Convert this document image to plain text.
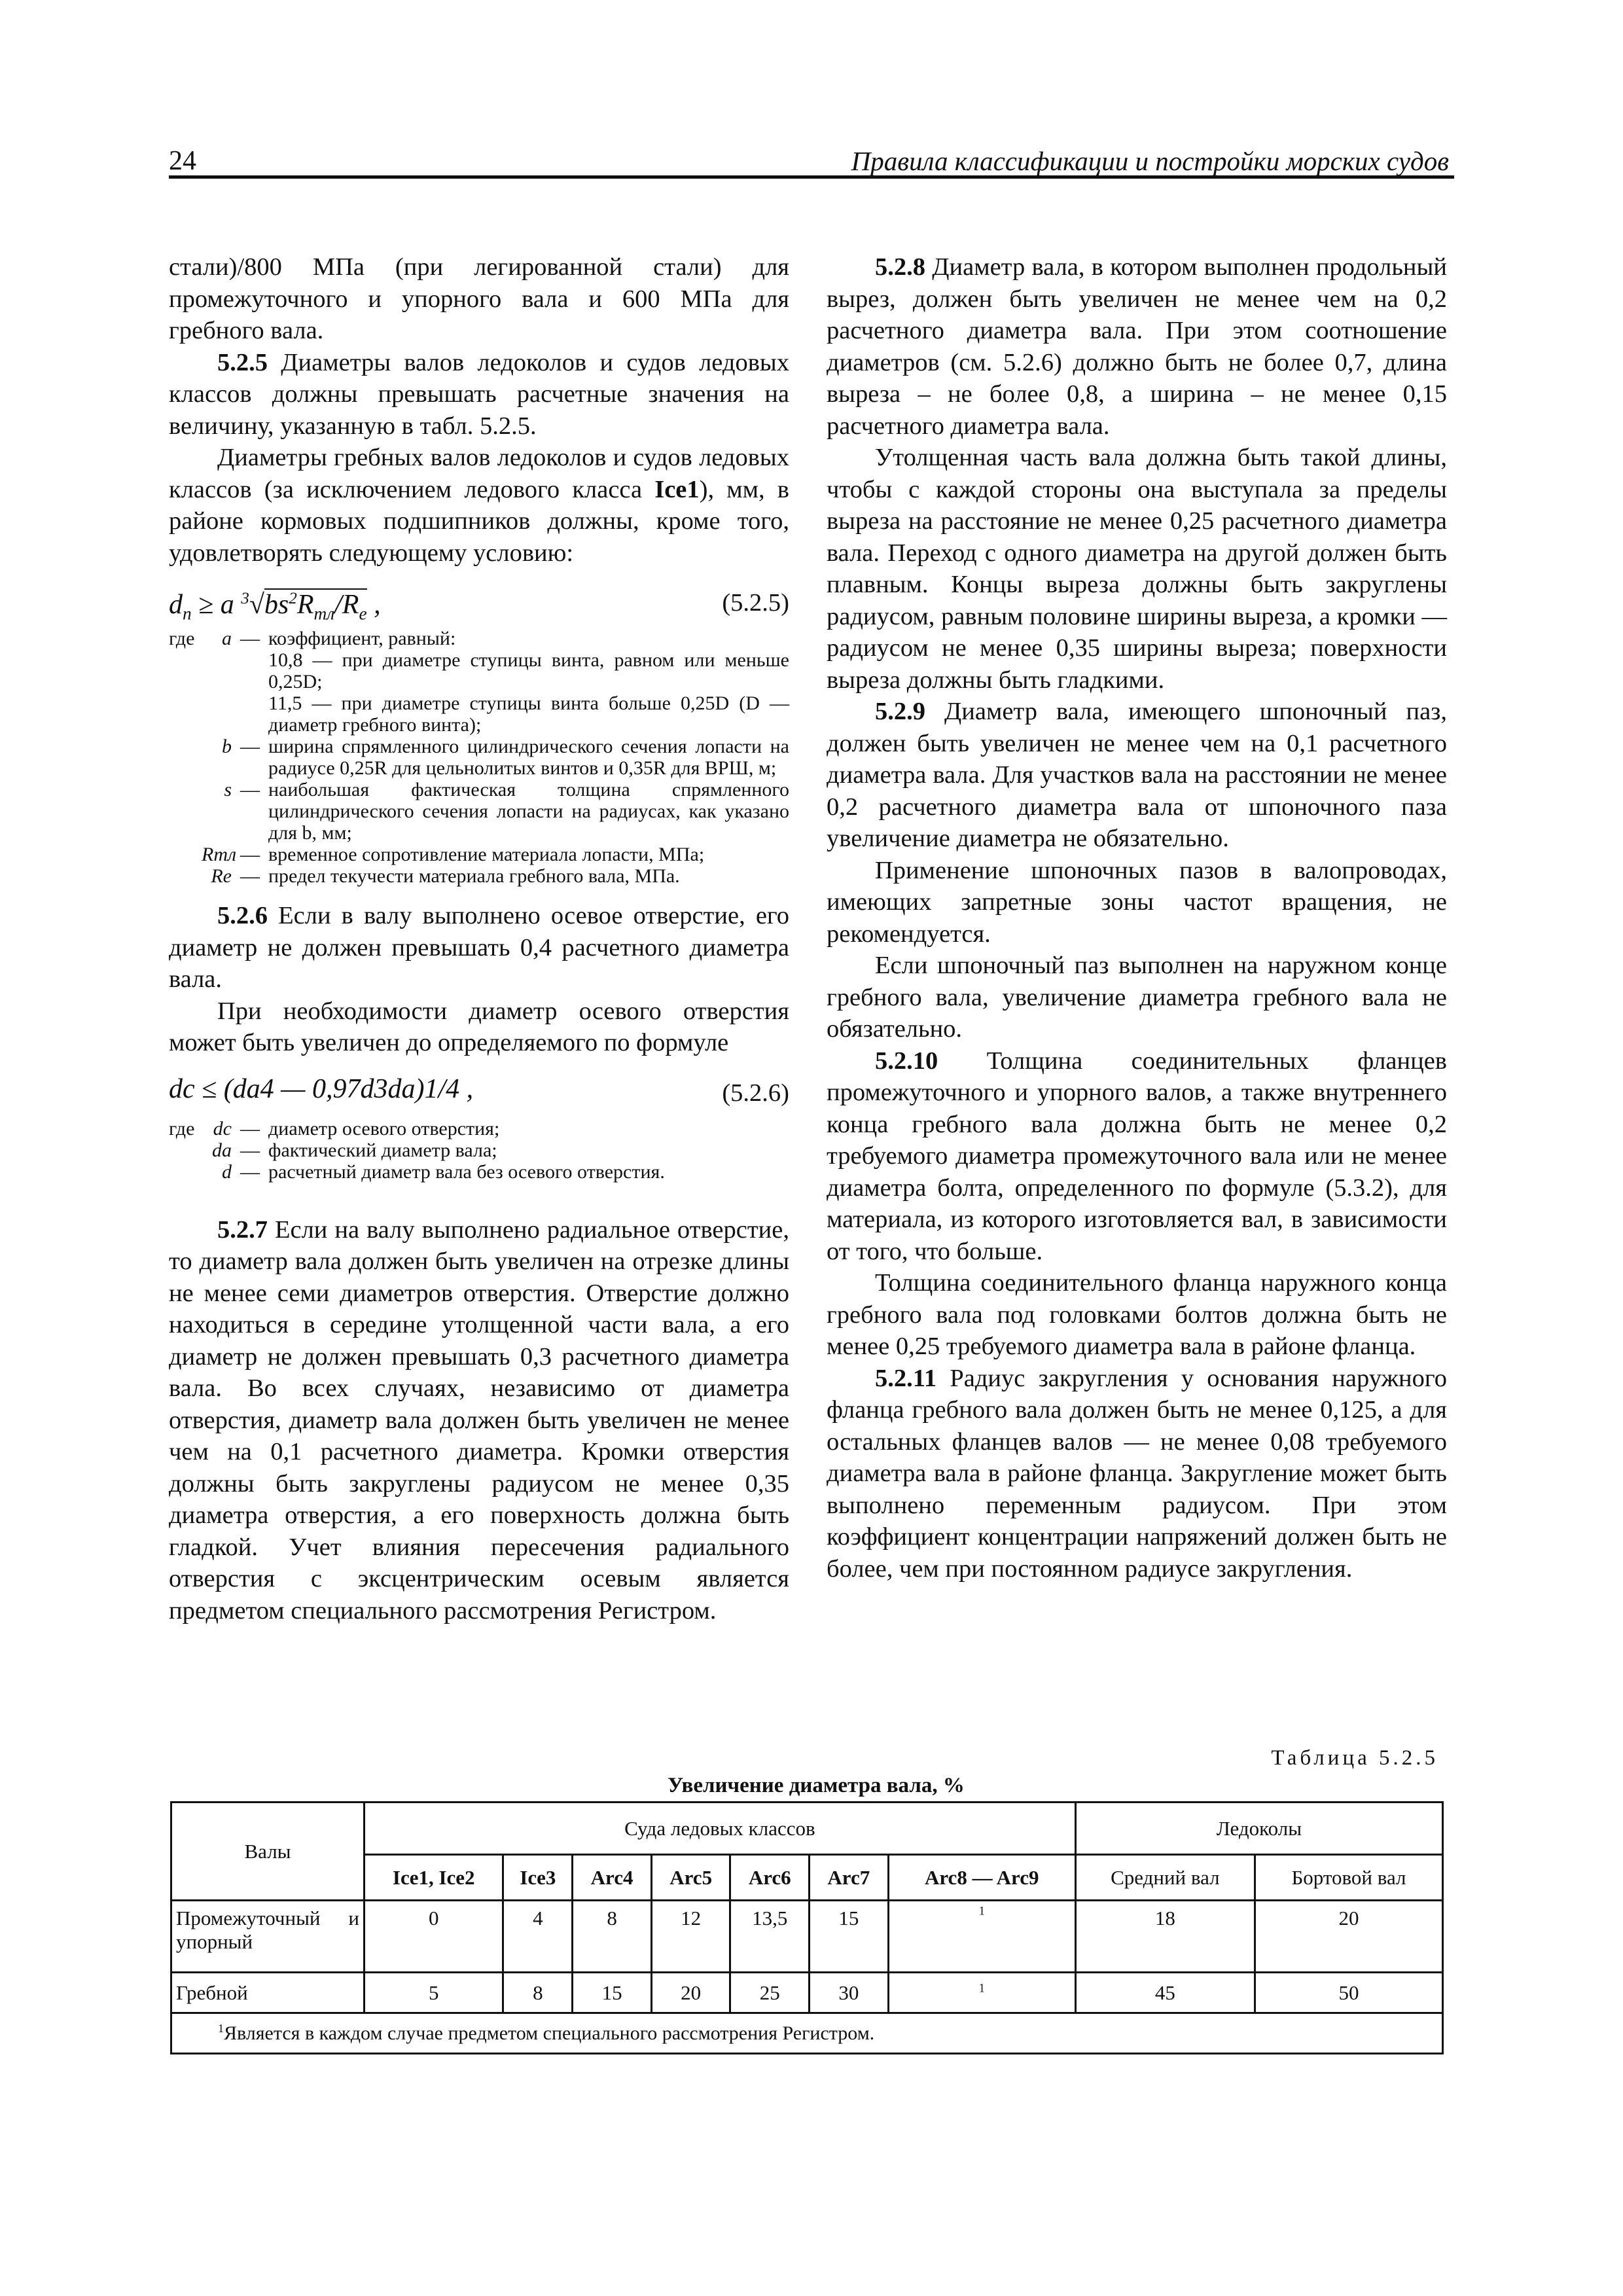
24	Правила классификации и постройки морских судов

стали)/800 МПа (при легированной стали) для промежуточного и упорного вала и 600 МПа для гребного вала.

5.2.5 Диаметры валов ледоколов и судов ледовых классов должны превышать расчетные значения на величину, указанную в табл. 5.2.5.

Диаметры гребных валов ледоколов и судов ледовых классов (за исключением ледового класса Ice1), мм, в районе кормовых подшипников должны, кроме того, удовлетворять следующему условию:

$d_п \ge a$ $^3√bs^2R_{тл}/R_e$ ,	(5.2.5)
где	a — коэффициент, равный:
10,8 — при диаметре ступицы винта, равном или меньше 0,25D;
11,5 — при диаметре ступицы винта больше 0,25D (D — диаметр гребного винта);
b — ширина спрямленного цилиндрического сечения лопасти на радиусе 0,25R для цельнолитых винтов и 0,35R для ВРШ, м;
s — наибольшая фактическая толщина спрямленного цилиндрического сечения лопасти на радиусах, как указано для b, мм;
Rтл — временное сопротивление материала лопасти, МПа;
Re — предел текучести материала гребного вала, МПа.

5.2.6 Если в валу выполнено осевое отверстие, его диаметр не должен превышать 0,4 расчетного диаметра вала.

При необходимости диаметр осевого отверстия может быть увеличен до определяемого по формуле

dc ≤ (da4 — 0,97d3da)1/4 ,	(5.2.6)
где dc — диаметр осевого отверстия;
da — фактический диаметр вала;
d — расчетный диаметр вала без осевого отверстия.

5.2.7 Если на валу выполнено радиальное отверстие, то диаметр вала должен быть увеличен на отрезке длины не менее семи диаметров отверстия. Отверстие должно находиться в середине утолщенной части вала, а его диаметр не должен превышать 0,3 расчетного диаметра вала. Во всех случаях, независимо от диаметра отверстия, диаметр вала должен быть увеличен не менее чем на 0,1 расчетного диаметра. Кромки отверстия должны быть закруглены радиусом не менее 0,35 диаметра отверстия, а его поверхность должна быть гладкой. Учет влияния пересечения радиального отверстия с эксцентрическим осевым является предметом специального рассмотрения Регистром.

5.2.8 Диаметр вала, в котором выполнен продольный вырез, должен быть увеличен не менее чем на 0,2 расчетного диаметра вала. При этом соотношение диаметров (см. 5.2.6) должно быть не более 0,7, длина выреза – не более 0,8, а ширина – не менее 0,15 расчетного диаметра вала.

Утолщенная часть вала должна быть такой длины, чтобы с каждой стороны она выступала за пределы выреза на расстояние не менее 0,25 расчетного диаметра вала. Переход с одного диаметра на другой должен быть плавным. Концы выреза должны быть закруглены радиусом, равным половине ширины выреза, а кромки — радиусом не менее 0,35 ширины выреза; поверхности выреза должны быть гладкими.

5.2.9 Диаметр вала, имеющего шпоночный паз, должен быть увеличен не менее чем на 0,1 расчетного диаметра вала. Для участков вала на расстоянии не менее 0,2 расчетного диаметра вала от шпоночного паза увеличение диаметра не обязательно.

Применение шпоночных пазов в валопроводах, имеющих запретные зоны частот вращения, не рекомендуется.

Если шпоночный паз выполнен на наружном конце гребного вала, увеличение диаметра гребного вала не обязательно.

5.2.10 Толщина соединительных фланцев промежуточного и упорного валов, а также внутреннего конца гребного вала должна быть не менее 0,2 требуемого диаметра промежуточного вала или не менее диаметра болта, определенного по формуле (5.3.2), для материала, из которого изготовляется вал, в зависимости от того, что больше.

Толщина соединительного фланца наружного конца гребного вала под головками болтов должна быть не менее 0,25 требуемого диаметра вала в районе фланца.

5.2.11 Радиус закругления у основания наружного фланца гребного вала должен быть не менее 0,125, а для остальных фланцев валов — не менее 0,08 требуемого диаметра вала в районе фланца. Закругление может быть выполнено переменным радиусом. При этом коэффициент концентрации напряжений должен быть не более, чем при постоянном радиусе закругления.

Таблица 5.2.5
Увеличение диаметра вала, %
Валы	Суда ледовых классов							Ледоколы	
	Ice1, Ice2	Ice3	Arc4	Arc5	Arc6	Arc7	Arc8 — Arc9	Средний вал	Бортовой вал
Промежуточный и упорный	0	4	8	12	13,5	15	$^1$	18	20
Гребной	5	8	15	20	25	30	$^1$	45	50
$^1$Является в каждом случае предметом специального рассмотрения Регистром.									
